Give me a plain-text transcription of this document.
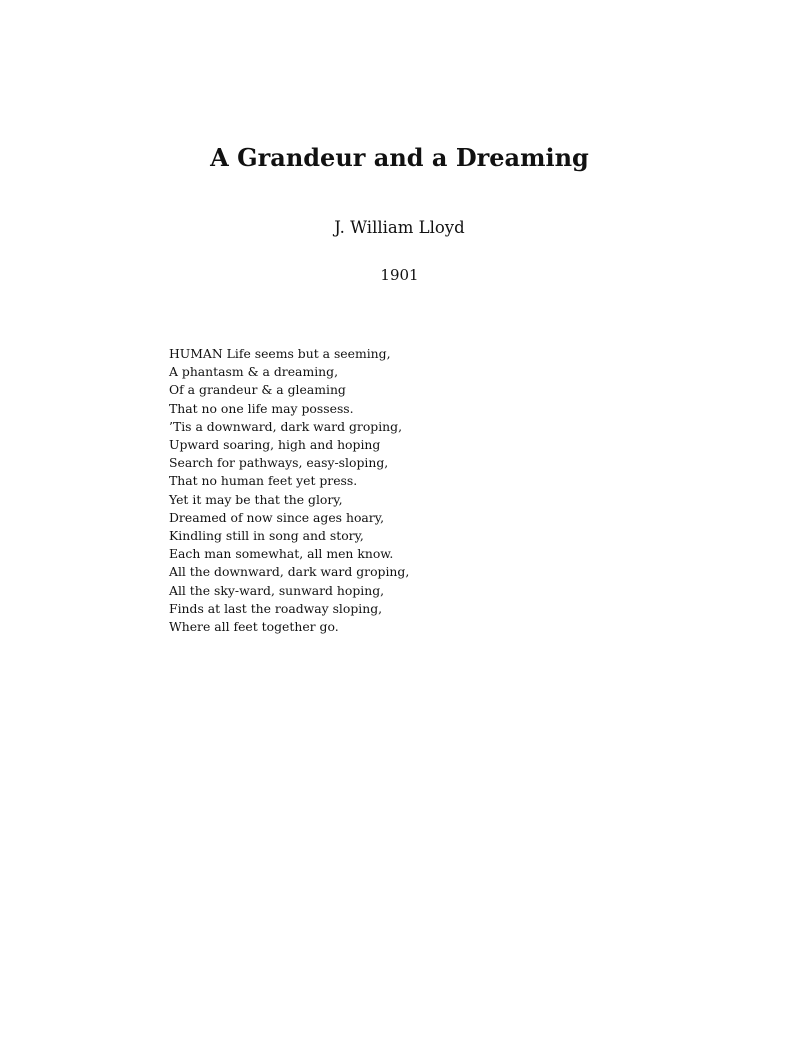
A Grandeur and a Dreaming
J. William Lloyd
1901
HUMAN Life seems but a seeming,
A phantasm & a dreaming,
Of a grandeur & a gleaming
That no one life may possess.
’Tis a downward, dark ward groping,
Upward soaring, high and hoping
Search for pathways, easy-sloping,
That no human feet yet press.
Yet it may be that the glory,
Dreamed of now since ages hoary,
Kindling still in song and story,
Each man somewhat, all men know.
All the downward, dark ward groping,
All the sky-ward, sunward hoping,
Finds at last the roadway sloping,
Where all feet together go.
